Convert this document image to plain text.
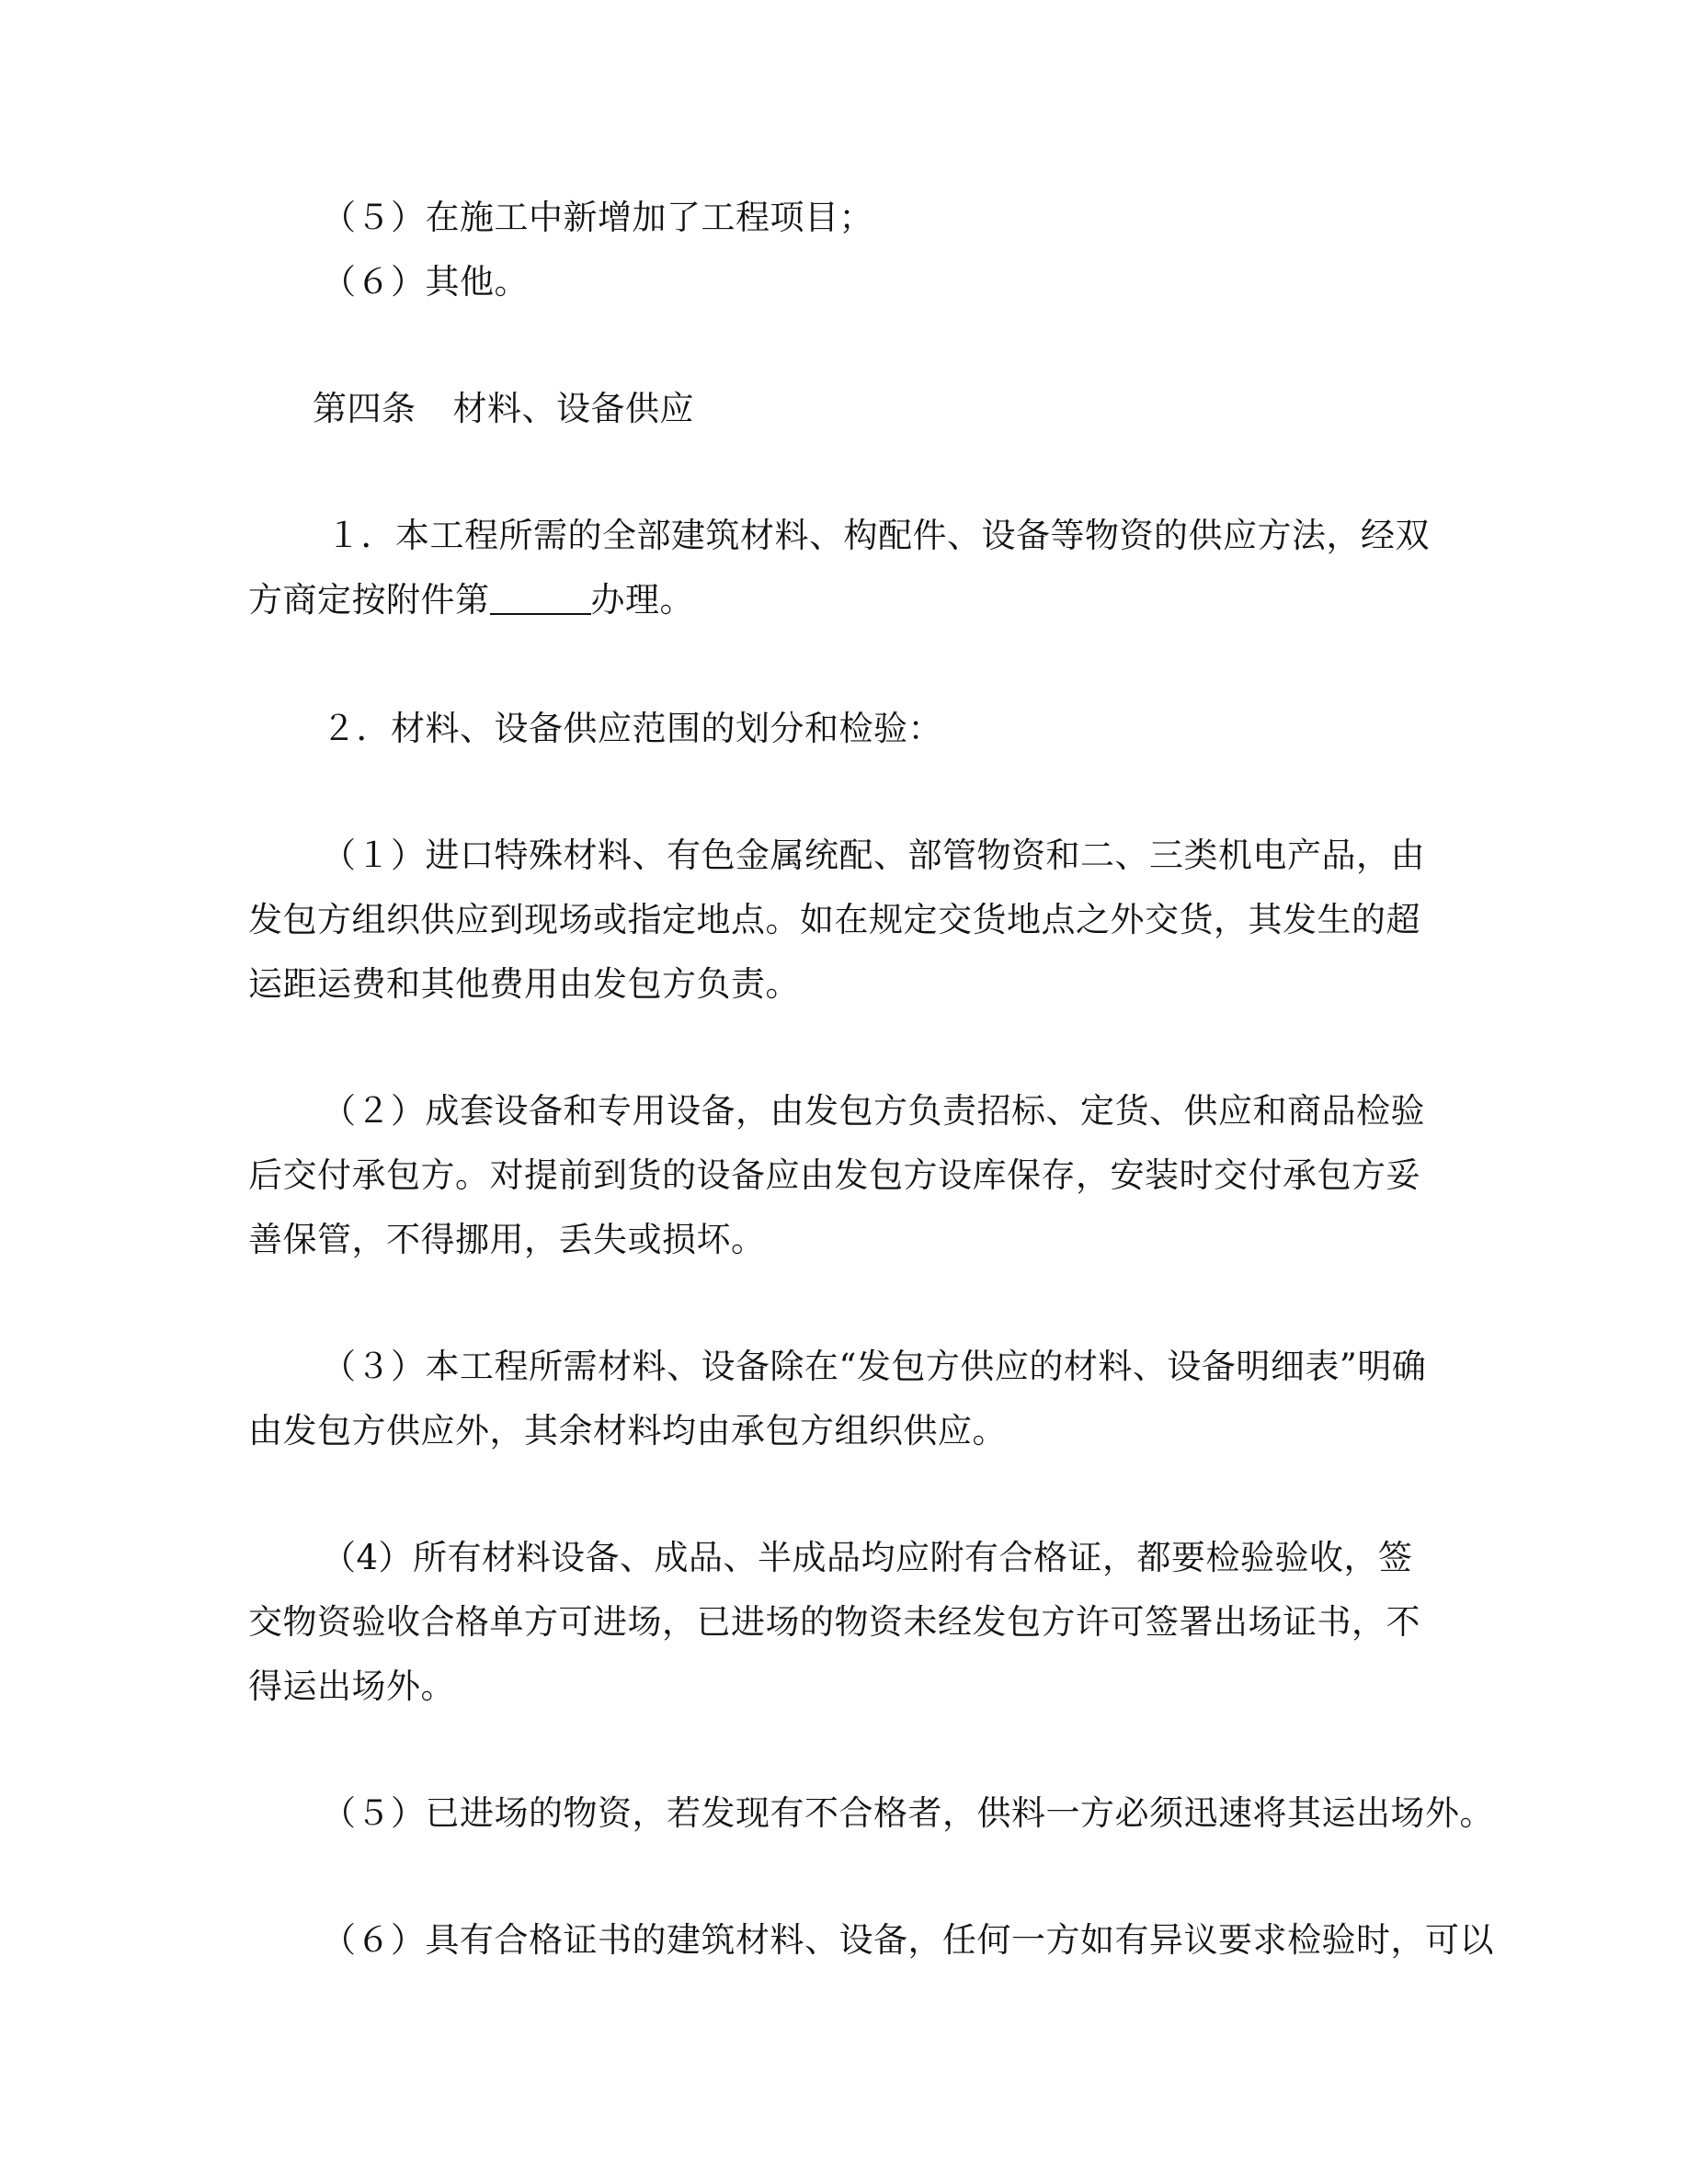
（５）在施工中新增加了工程项目；

（６）其他。

第四条 材料、设备供应

１．本工程所需的全部建筑材料、构配件、设备等物资的供应方法，经双方商定按附件第	办理。

２．材料、设备供应范围的划分和检验：

（１）进口特殊材料、有色金属统配、部管物资和二、三类机电产品，由发包方组织供应到现场或指定地点。如在规定交货地点之外交货，其发生的超运距运费和其他费用由发包方负责。

（２）成套设备和专用设备，由发包方负责招标、定货、供应和商品检验后交付承包方。对提前到货的设备应由发包方设库保存，安装时交付承包方妥善保管，不得挪用，丢失或损坏。

（３）本工程所需材料、设备除在“发包方供应的材料、设备明细表”明确由发包方供应外，其余材料均由承包方组织供应。

（4）所有材料设备、成品、半成品均应附有合格证，都要检验验收，签交物资验收合格单方可进场，已进场的物资未经发包方许可签署出场证书，不得运出场外。

（５）已进场的物资，若发现有不合格者，供料一方必须迅速将其运出场外。

（６）具有合格证书的建筑材料、设备，任何一方如有异议要求检验时，可以
